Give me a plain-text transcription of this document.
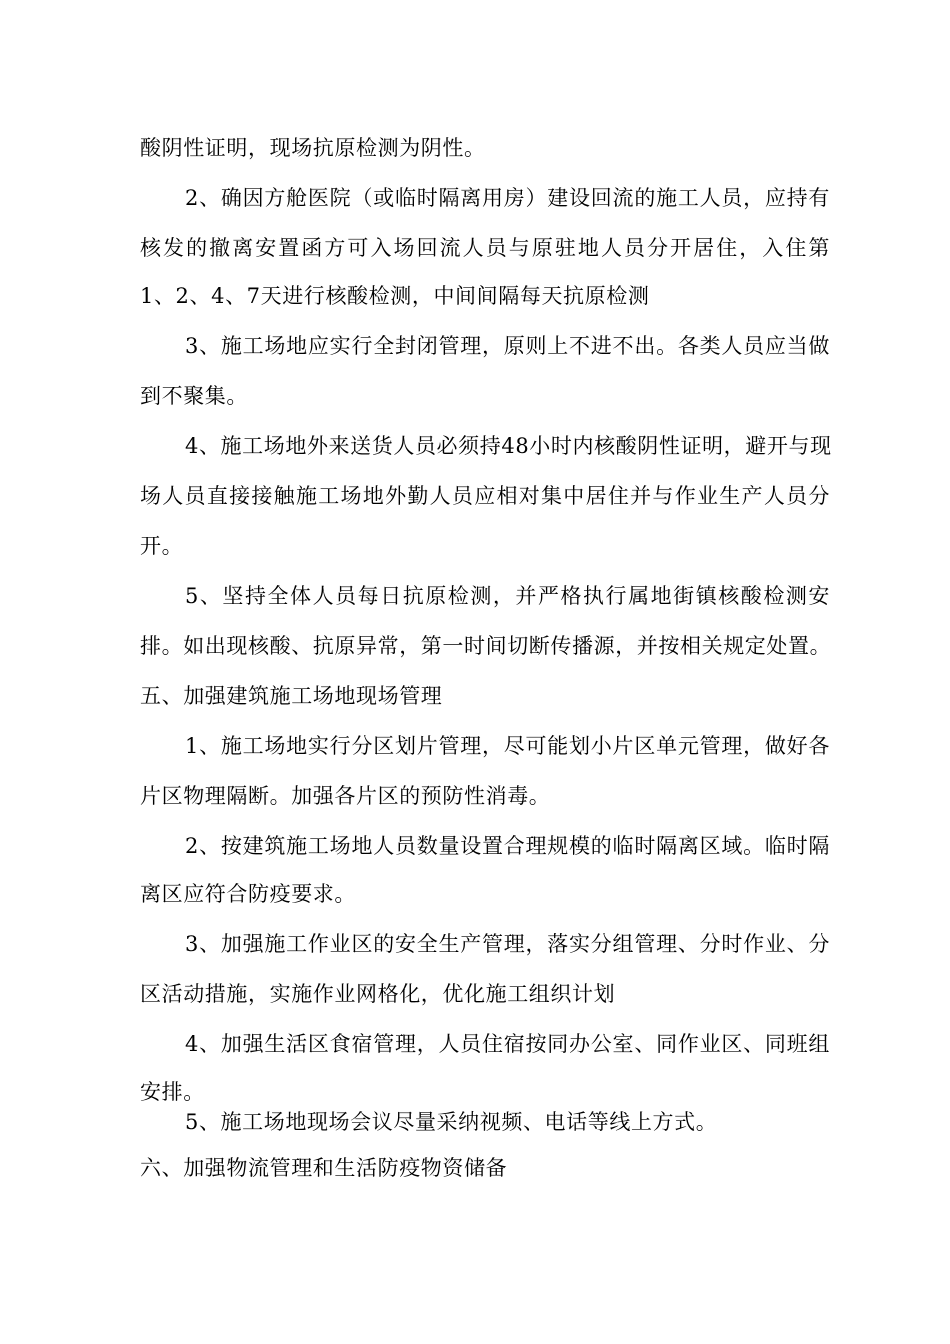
酸阴性证明，现场抗原检测为阴性。
2、确因方舱医院（或临时隔离用房）建设回流的施工人员，应持有
核发的撤离安置函方可入场回流人员与原驻地人员分开居住，入住第
1、2、4、7天进行核酸检测，中间间隔每天抗原检测
3、施工场地应实行全封闭管理，原则上不进不出。各类人员应当做
到不聚集。
4、施工场地外来送货人员必须持48小时内核酸阴性证明，避开与现
场人员直接接触施工场地外勤人员应相对集中居住并与作业生产人员分
开。
5、坚持全体人员每日抗原检测，并严格执行属地街镇核酸检测安
排。如出现核酸、抗原异常，第一时间切断传播源，并按相关规定处置。
五、加强建筑施工场地现场管理
1、施工场地实行分区划片管理，尽可能划小片区单元管理，做好各
片区物理隔断。加强各片区的预防性消毒。
2、按建筑施工场地人员数量设置合理规模的临时隔离区域。临时隔
离区应符合防疫要求。
3、加强施工作业区的安全生产管理，落实分组管理、分时作业、分
区活动措施，实施作业网格化，优化施工组织计划
4、加强生活区食宿管理，人员住宿按同办公室、同作业区、同班组
安排。
5、施工场地现场会议尽量采纳视频、电话等线上方式。
六、加强物流管理和生活防疫物资储备
